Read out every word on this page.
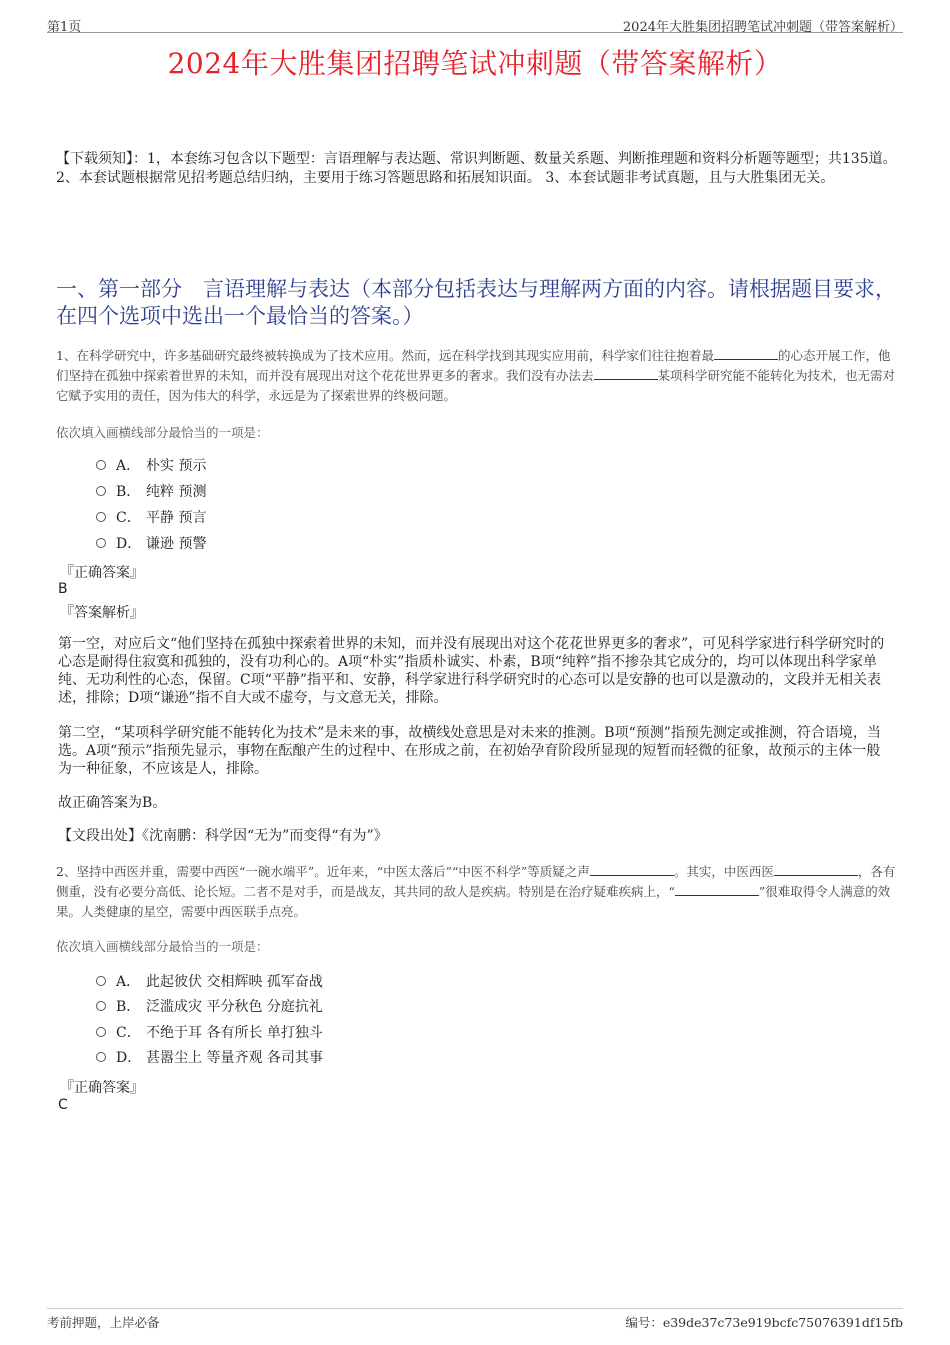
第1页	2024年大胜集团招聘笔试冲刺题（带答案解析）
2024年大胜集团招聘笔试冲刺题（带答案解析）
【下载须知】：1，本套练习包含以下题型：言语理解与表达题、常识判断题、数量关系题、判断推理题和资料分析题等题型；共135道。 2、本套试题根据常见招考题总结归纳，主要用于练习答题思路和拓展知识面。 3、本套试题非考试真题，且与大胜集团无关。
一、第一部分　言语理解与表达（本部分包括表达与理解两方面的内容。请根据题目要求，在四个选项中选出一个最恰当的答案。）
1、在科学研究中，许多基础研究最终被转换成为了技术应用。然而，远在科学找到其现实应用前，科学家们往往抱着最	的心态开展工作，他们坚持在孤独中探索着世界的未知，而并没有展现出对这个花花世界更多的奢求。我们没有办法去	某项科学研究能不能转化为技术，也无需对它赋予实用的责任，因为伟大的科学，永远是为了探索世界的终极问题。
依次填入画横线部分最恰当的一项是：
A． 朴实 预示
B． 纯粹 预测
C． 平静 预言
D． 谦逊 预警
『正确答案』
B
『答案解析』
第一空，对应后文“他们坚持在孤独中探索着世界的未知，而并没有展现出对这个花花世界更多的奢求”，可见科学家进行科学研究时的心态是耐得住寂寞和孤独的，没有功利心的。A项“朴实”指质朴诚实、朴素，B项“纯粹”指不掺杂其它成分的，均可以体现出科学家单纯、无功利性的心态，保留。C项“平静”指平和、安静，科学家进行科学研究时的心态可以是安静的也可以是激动的，文段并无相关表述，排除；D项“谦逊”指不自大或不虚夸，与文意无关，排除。
第二空，“某项科学研究能不能转化为技术”是未来的事，故横线处意思是对未来的推测。B项“预测”指预先测定或推测，符合语境，当选。A项“预示”指预先显示，事物在酝酿产生的过程中、在形成之前，在初始孕育阶段所显现的短暂而轻微的征象，故预示的主体一般为一种征象，不应该是人，排除。
故正确答案为B。
【文段出处】《沈南鹏：科学因“无为”而变得“有为”》
2、坚持中西医并重，需要中西医“一碗水端平”。近年来，“中医太落后”“中医不科学”等质疑之声	。其实，中医西医	，各有侧重，没有必要分高低、论长短。二者不是对手，而是战友，其共同的敌人是疾病。特别是在治疗疑难疾病上，“	”很难取得令人满意的效果。人类健康的星空，需要中西医联手点亮。
依次填入画横线部分最恰当的一项是：
A． 此起彼伏 交相辉映 孤军奋战
B． 泛滥成灾 平分秋色 分庭抗礼
C． 不绝于耳 各有所长 单打独斗
D． 甚嚣尘上 等量齐观 各司其事
『正确答案』
C
考前押题，上岸必备	编号：e39de37c73e919bcfc75076391df15fb
